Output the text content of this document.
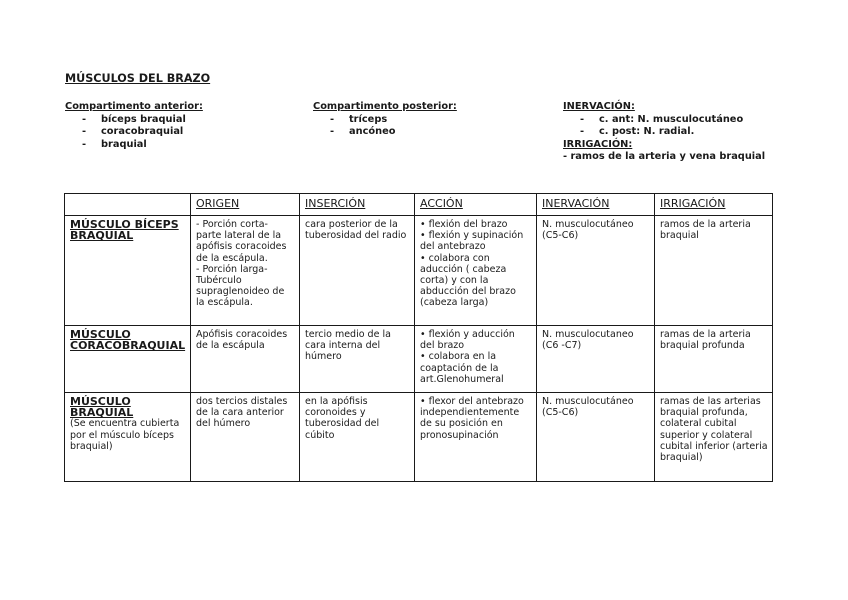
MÚSCULOS DEL BRAZO
Compartimento anterior:
- bíceps braquial
- coracobraquial
- braquial
Compartimento posterior:
- tríceps
- ancóneo
INERVACIÓN:
- c. ant: N. musculocutáneo
- c. post: N. radial.
IRRIGACIÓN:
- ramos de la arteria y vena braquial
	ORIGEN	INSERCIÓN	ACCIÓN	INERVACIÓN	IRRIGACIÓN

MÚSCULO BÍCEPS BRAQUIAL	- Porción corta- parte lateral de la apófisis coracoides de la escápula.
- Porción larga- Tubérculo supraglenoideo de la escápula.	cara posterior de la tuberosidad del radio	• flexión del brazo
• flexión y supinación del antebrazo
• colabora con aducción ( cabeza corta) y con la abducción del brazo (cabeza larga)	N. musculocutáneo (C5-C6)	ramos de la arteria braquial

MÚSCULO CORACOBRAQUIAL	Apófisis coracoides de la escápula	tercio medio de la cara interna del húmero	• flexión y aducción del brazo
• colabora en la coaptación de la art.Glenohumeral	N. musculocutaneo (C6 -C7)	ramas de la arteria braquial profunda

MÚSCULO BRAQUIAL
(Se encuentra cubierta por el músculo bíceps braquial)	dos tercios distales de la cara anterior del húmero	en la apófisis coronoides y tuberosidad del cúbito	• flexor del antebrazo independientemente de su posición en pronosupinación	N. musculocutáneo (C5-C6)	ramas de las arterias braquial profunda, colateral cubital superior y colateral cubital inferior (arteria braquial)
